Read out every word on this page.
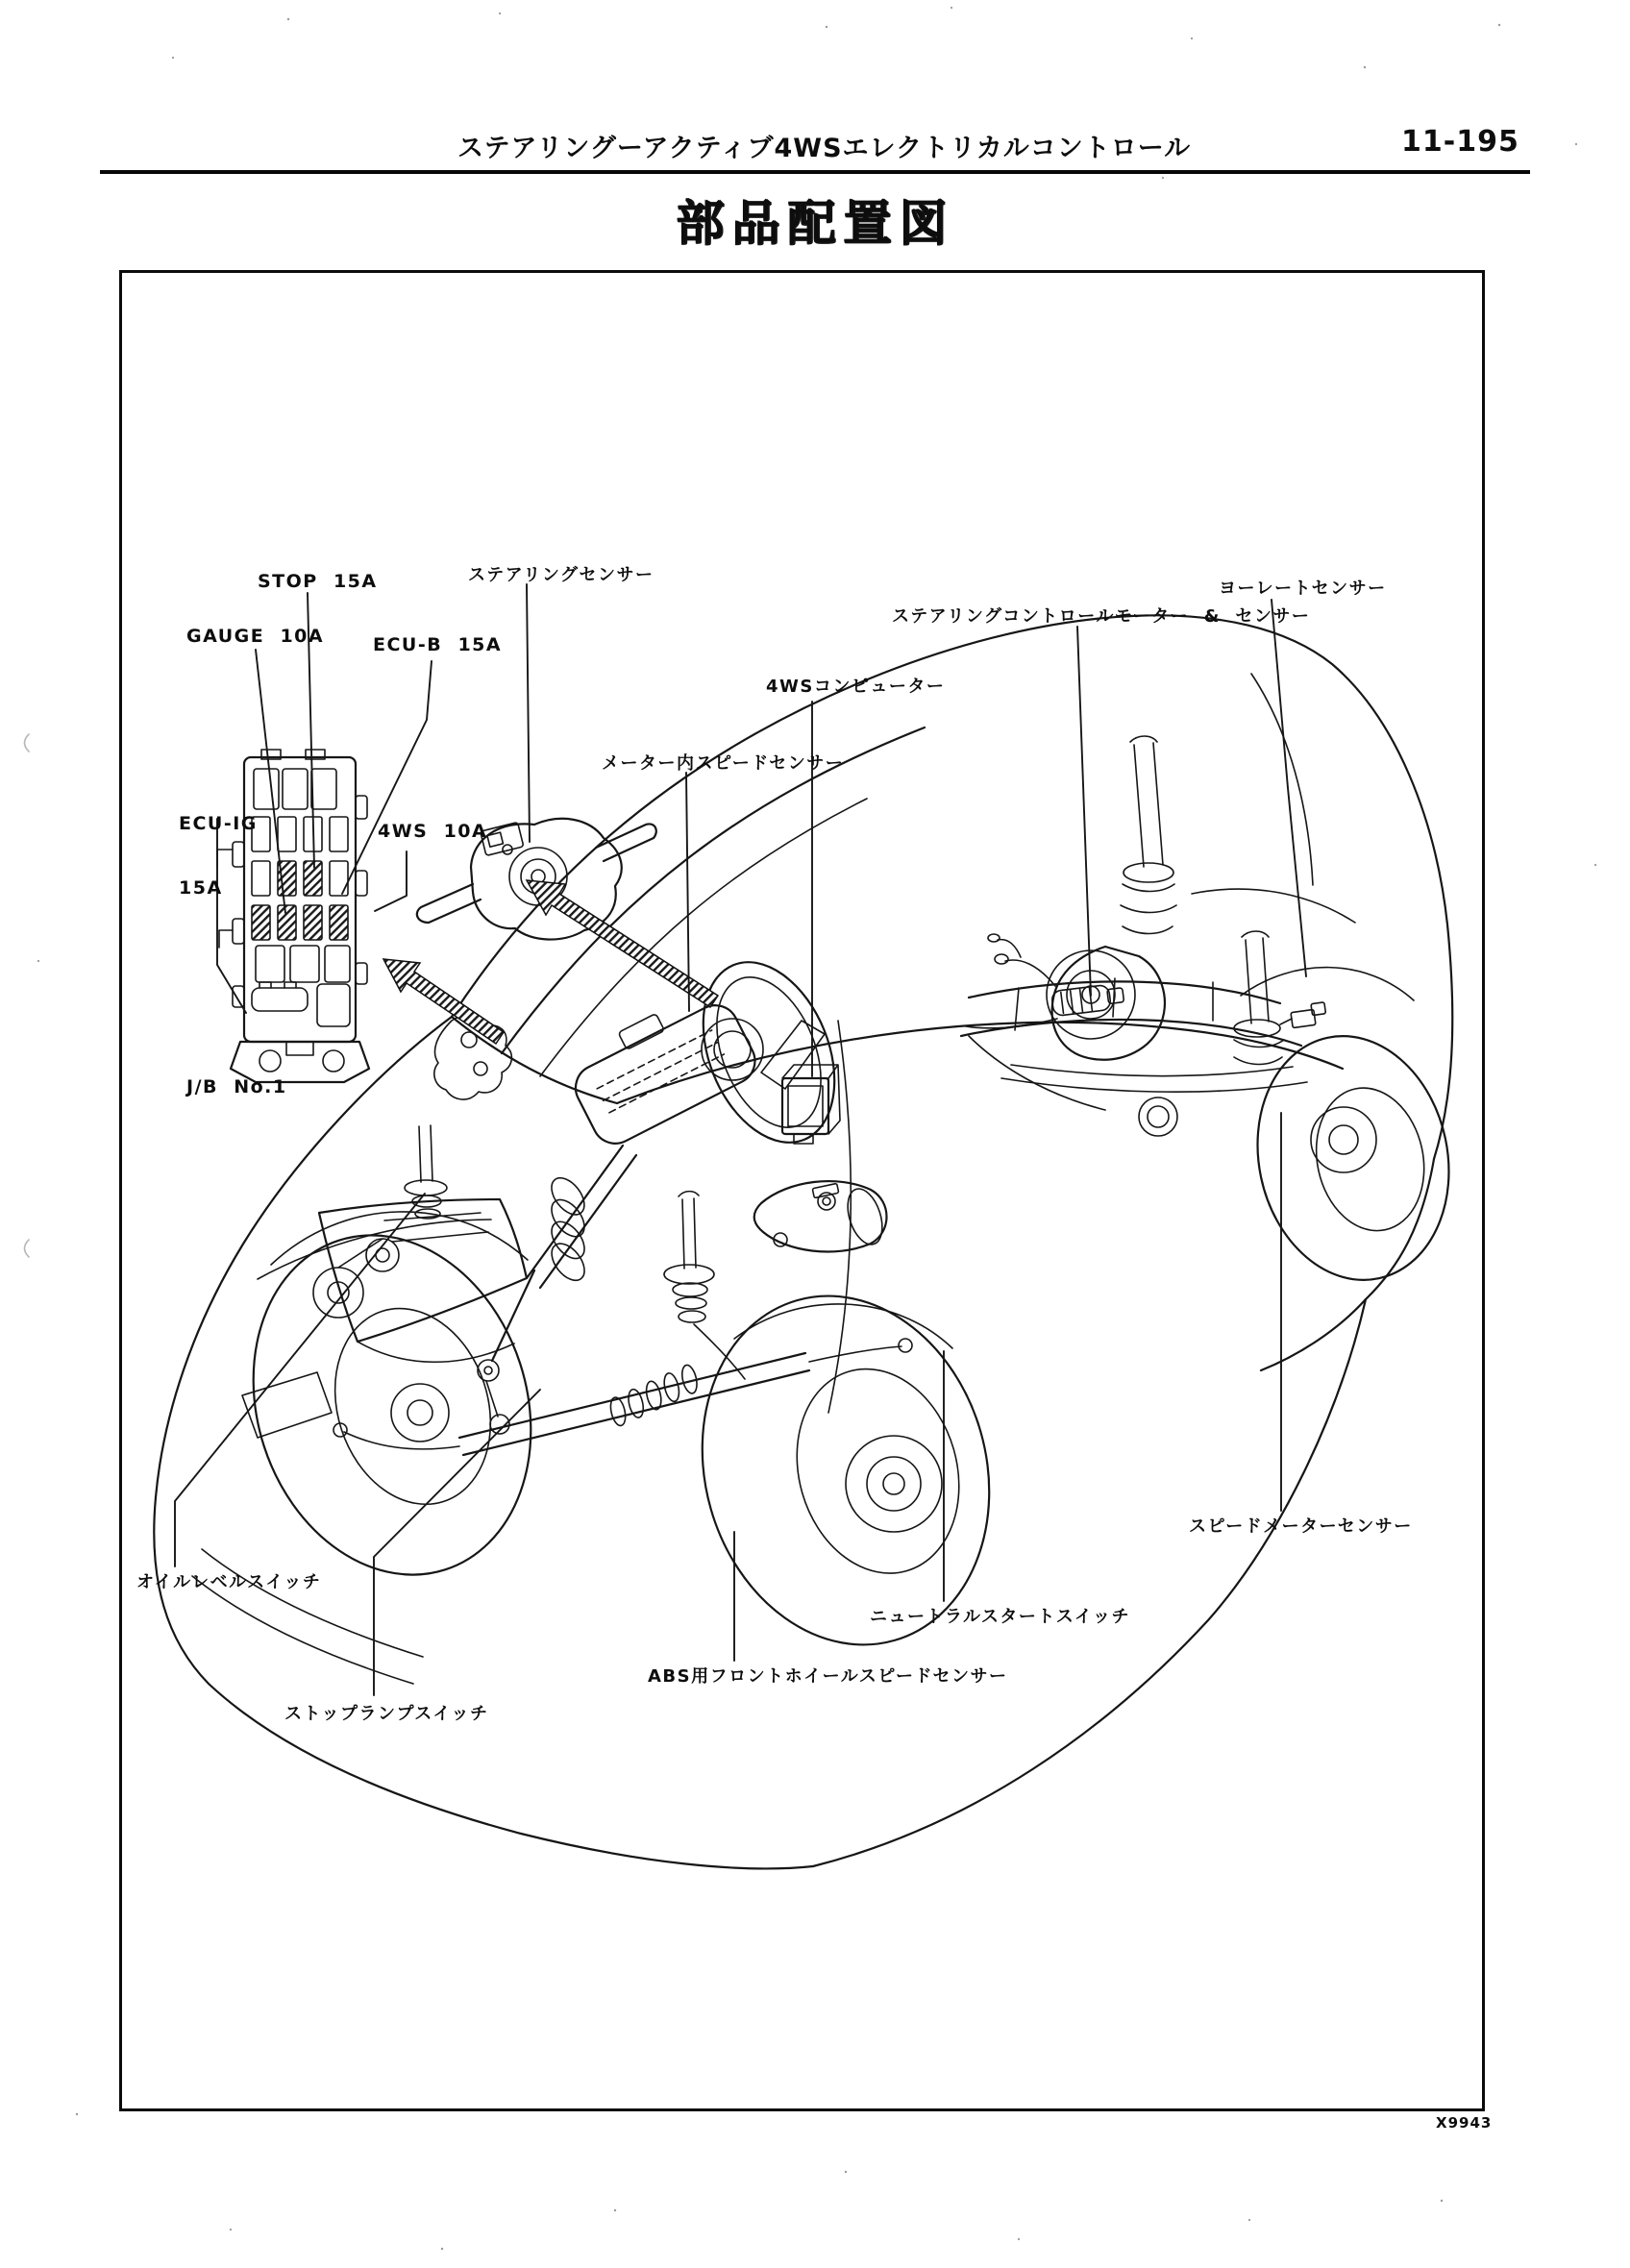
ステアリングーアクティブ4WSエレクトリカルコントロール	11-195
部品配置図
STOP  15A
GAUGE  10A	ECU-B  15A

ECU-IG

15A

4WS  10A
J/B  No.1
ステアリングセンサー
ステアリングコントロールモーター  &  センサー
ヨーレートセンサー
4WSコンピューター
メーター内スピードセンサー
スピードメーターセンサー
ニュートラルスタートスイッチ
ABS用フロントホイールスピードセンサー
ストップランプスイッチ
オイルレベルスイッチ
X9943
